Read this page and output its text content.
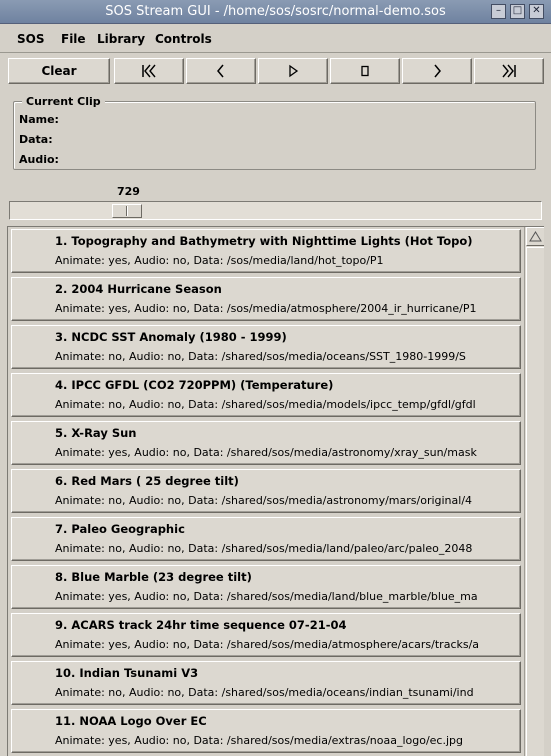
SOS Stream GUI - /home/sos/sosrc/normal-demo.sos	–	□	✕
SOS File Library Controls
Clear
Current Clip
Name:
Data:
Audio:
729
1. Topography and Bathymetry with Nighttime Lights (Hot Topo)
Animate: yes, Audio: no, Data: /sos/media/land/hot_topo/P1
2. 2004 Hurricane Season
Animate: yes, Audio: no, Data: /sos/media/atmosphere/2004_ir_hurricane/P1
3. NCDC SST Anomaly (1980 - 1999)
Animate: no, Audio: no, Data: /shared/sos/media/oceans/SST_1980-1999/S
4. IPCC GFDL (CO2 720PPM) (Temperature)
Animate: no, Audio: no, Data: /shared/sos/media/models/ipcc_temp/gfdl/gfdl
5. X-Ray Sun
Animate: yes, Audio: no, Data: /shared/sos/media/astronomy/xray_sun/mask
6. Red Mars ( 25 degree tilt)
Animate: no, Audio: no, Data: /shared/sos/media/astronomy/mars/original/4
7. Paleo Geographic
Animate: no, Audio: no, Data: /shared/sos/media/land/paleo/arc/paleo_2048
8. Blue Marble (23 degree tilt)
Animate: yes, Audio: no, Data: /shared/sos/media/land/blue_marble/blue_ma
9. ACARS track 24hr time sequence 07-21-04
Animate: yes, Audio: no, Data: /shared/sos/media/atmosphere/acars/tracks/a
10. Indian Tsunami V3
Animate: no, Audio: no, Data: /shared/sos/media/oceans/indian_tsunami/ind
11. NOAA Logo Over EC
Animate: yes, Audio: no, Data: /shared/sos/media/extras/noaa_logo/ec.jpg
